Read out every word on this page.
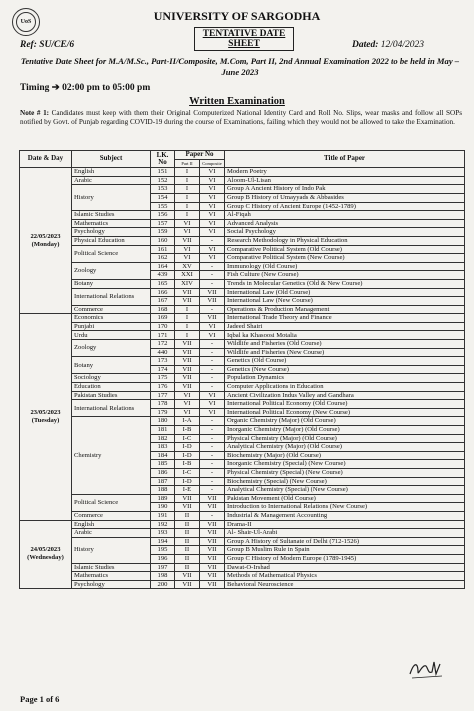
UoS	UNIVERSITY OF SARGODHA
TENTATIVE DATE SHEET
Ref: SU/CE/6	Dated: 12/04/2023
Tentative Date Sheet for M.A/M.Sc., Part-II/Composite, M.Com, Part II, 2nd Annual Examination 2022 to be held in May – June 2023
Timing ➔ 02:00 pm to 05:00 pm
Written Examination
Note # 1: Candidates must keep with them their Original Computerized National Identity Card and Roll No. Slips, wear masks and follow all SOPs notified by Govt. of Punjab regarding COVID-19 during the course of Examinations, failing which they would not be allowed to take the Examination.
Date & Day	Subject	LK. No	Paper No		Title of Paper
			Part II	Composite	

22/05/2023
(Monday)	English	151	I	VI	Modern Poetry
	Arabic	152	I	VI	Aloom-Ul-Lisan
	History	153	I	VI	Group A Ancient History of Indo Pak
		154	I	VI	Group B History of Umayyads & Abbasides
		155	I	VI	Group C History of Ancient Europe (1452-1789)
	Islamic Studies	156	I	VI	Al-Fiqah
	Mathematics	157	VI	VI	Advanced Analysis
	Psychology	159	VI	VI	Social Psychology
	Physical Education	160	VII	-	Research Methodology in Physical Education
	Political Science	161	VI	VI	Comparative Political System (Old Course)
		162	VI	VI	Comparative Political System (New Course)
	Zoology	164	XV	-	Immunology (Old Course)
		439	XXI	-	Fish Culture (New Course)
	Botany	165	XIV	-	Trends in Molecular Genetics (Old & New Course)
	International Relations	166	VII	VII	International Law (Old Course)
		167	VII	VII	International Law (New Course)
	Commerce	168	I	-	Operations & Production Management

23/05/2023
(Tuesday)	Economics	169	I	VII	International Trade Theory and Finance
	Punjabi	170	I	VI	Jadeed Shairi
	Urdu	171	I	VI	Iqbal ka Khasoosi Motalia
	Zoology	172	VII	-	Wildlife and Fisheries (Old Course)
		440	VII	-	Wildlife and Fisheries (New Course)
	Botany	173	VII	-	Genetics (Old Course)
		174	VII	-	Genetics (New Course)
	Sociology	175	VII	-	Population Dynamics
	Education	176	VII	-	Computer Applications in Education
	Pakistan Studies	177	VI	VI	Ancient Civilization Indus Valley and Gandhara
	International Relations	178	VI	VI	International Political Economy (Old Course)
		179	VI	VI	International Political Economy (New Course)
	Chemistry	180	I-A	-	Organic Chemistry (Major) (Old Course)
		181	I-B	-	Inorganic Chemistry (Major) (Old Course)
		182	I-C	-	Physical Chemistry (Major) (Old Course)
		183	I-D	-	Analytical Chemistry (Major) (Old Course)
		184	I-D	-	Biochemistry (Major) (Old Course)
		185	I-B	-	Inorganic Chemistry (Special) (New Course)
		186	I-C	-	Physical Chemistry (Special) (New Course)
		187	I-D	-	Biochemistry (Special) (New Course)
		188	I-E	-	Analytical Chemistry (Special) (New Course)
	Political Science	189	VII	VII	Pakistan Movement (Old Course)
		190	VII	VII	Introduction to International Relations (New Course)
	Commerce	191	II	-	Industrial & Management Accounting

24/05/2023
(Wednesday)	English	192	II	VII	Drama-II
	Arabic	193	II	VII	Al- Shair-Ul-Arabi
	History	194	II	VII	Group A History of Sultanate of Delhi (712-1526)
		195	II	VII	Group B Muslim Rule in Spain
		196	II	VII	Group C History of Modern Europe (1789-1945)
	Islamic Studies	197	II	VII	Dawat-O-Irshad
	Mathematics	198	VII	VII	Methods of Mathematical Physics
	Psychology	200	VII	VII	Behavioral Neuroscience
Page 1 of 6
